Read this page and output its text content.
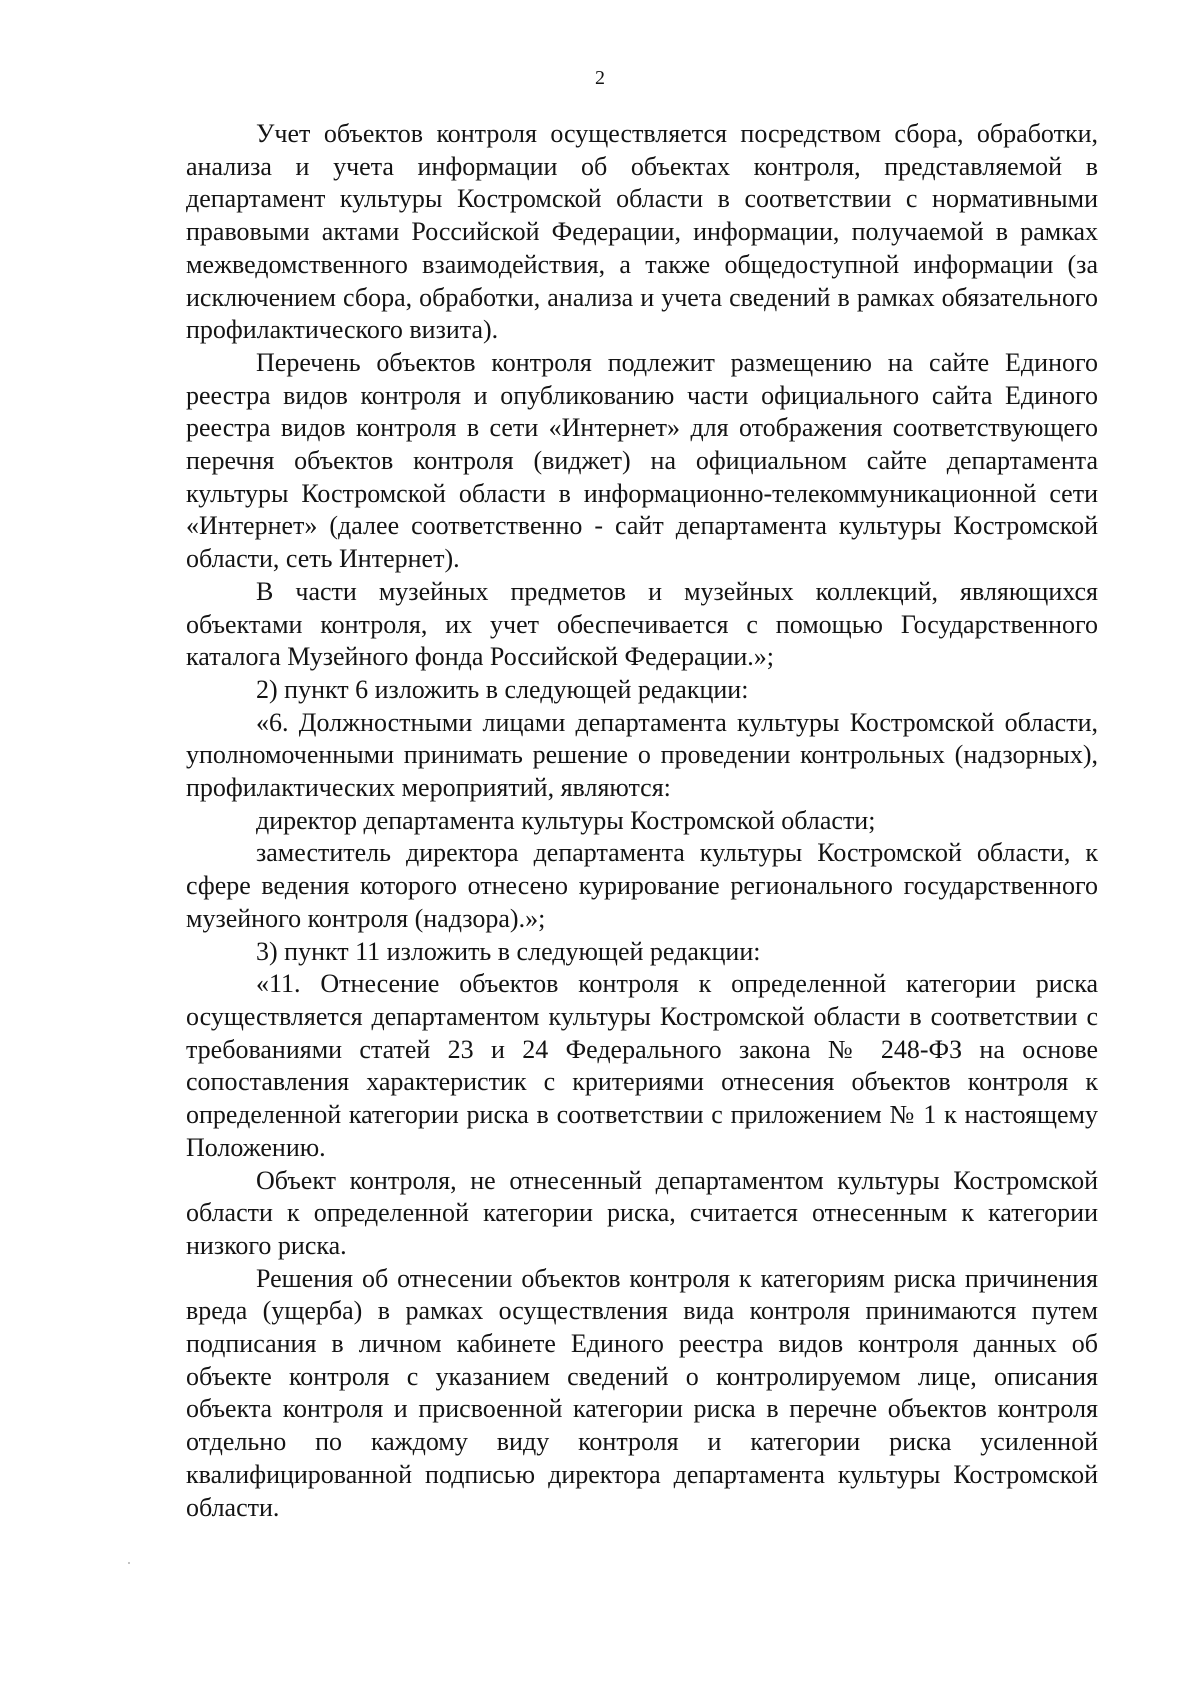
2

Учет объектов контроля осуществляется посредством сбора, обработки, анализа и учета информации об объектах контроля, представляемой в департамент культуры Костромской области в соответствии с нормативными правовыми актами Российской Федерации, информации, получаемой в рамках межведомственного взаимодействия, а также общедоступной информации (за исключением сбора, обработки, анализа и учета сведений в рамках обязательного профилактического визита).

Перечень объектов контроля подлежит размещению на сайте Единого реестра видов контроля и опубликованию части официального сайта Единого реестра видов контроля в сети «Интернет» для отображения соответствующего перечня объектов контроля (виджет) на официальном сайте департамента культуры Костромской области в информационно-телекоммуникационной сети «Интернет» (далее соответственно - сайт департамента культуры Костромской области, сеть Интернет).

В части музейных предметов и музейных коллекций, являющихся объектами контроля, их учет обеспечивается с помощью Государственного каталога Музейного фонда Российской Федерации.»;

2) пункт 6 изложить в следующей редакции:

«6. Должностными лицами департамента культуры Костромской области, уполномоченными принимать решение о проведении контрольных (надзорных), профилактических мероприятий, являются:

директор департамента культуры Костромской области;

заместитель директора департамента культуры Костромской области, к сфере ведения которого отнесено курирование регионального государственного музейного контроля (надзора).»;

3) пункт 11 изложить в следующей редакции:

«11. Отнесение объектов контроля к определенной категории риска осуществляется департаментом культуры Костромской области в соответствии с требованиями статей 23 и 24 Федерального закона № 248-ФЗ на основе сопоставления характеристик с критериями отнесения объектов контроля к определенной категории риска в соответствии с приложением № 1 к настоящему Положению.

Объект контроля, не отнесенный департаментом культуры Костромской области к определенной категории риска, считается отнесенным к категории низкого риска.

Решения об отнесении объектов контроля к категориям риска причинения вреда (ущерба) в рамках осуществления вида контроля принимаются путем подписания в личном кабинете Единого реестра видов контроля данных об объекте контроля с указанием сведений о контролируемом лице, описания объекта контроля и присвоенной категории риска в перечне объектов контроля отдельно по каждому виду контроля и категории риска усиленной квалифицированной подписью директора департамента культуры Костромской области.
